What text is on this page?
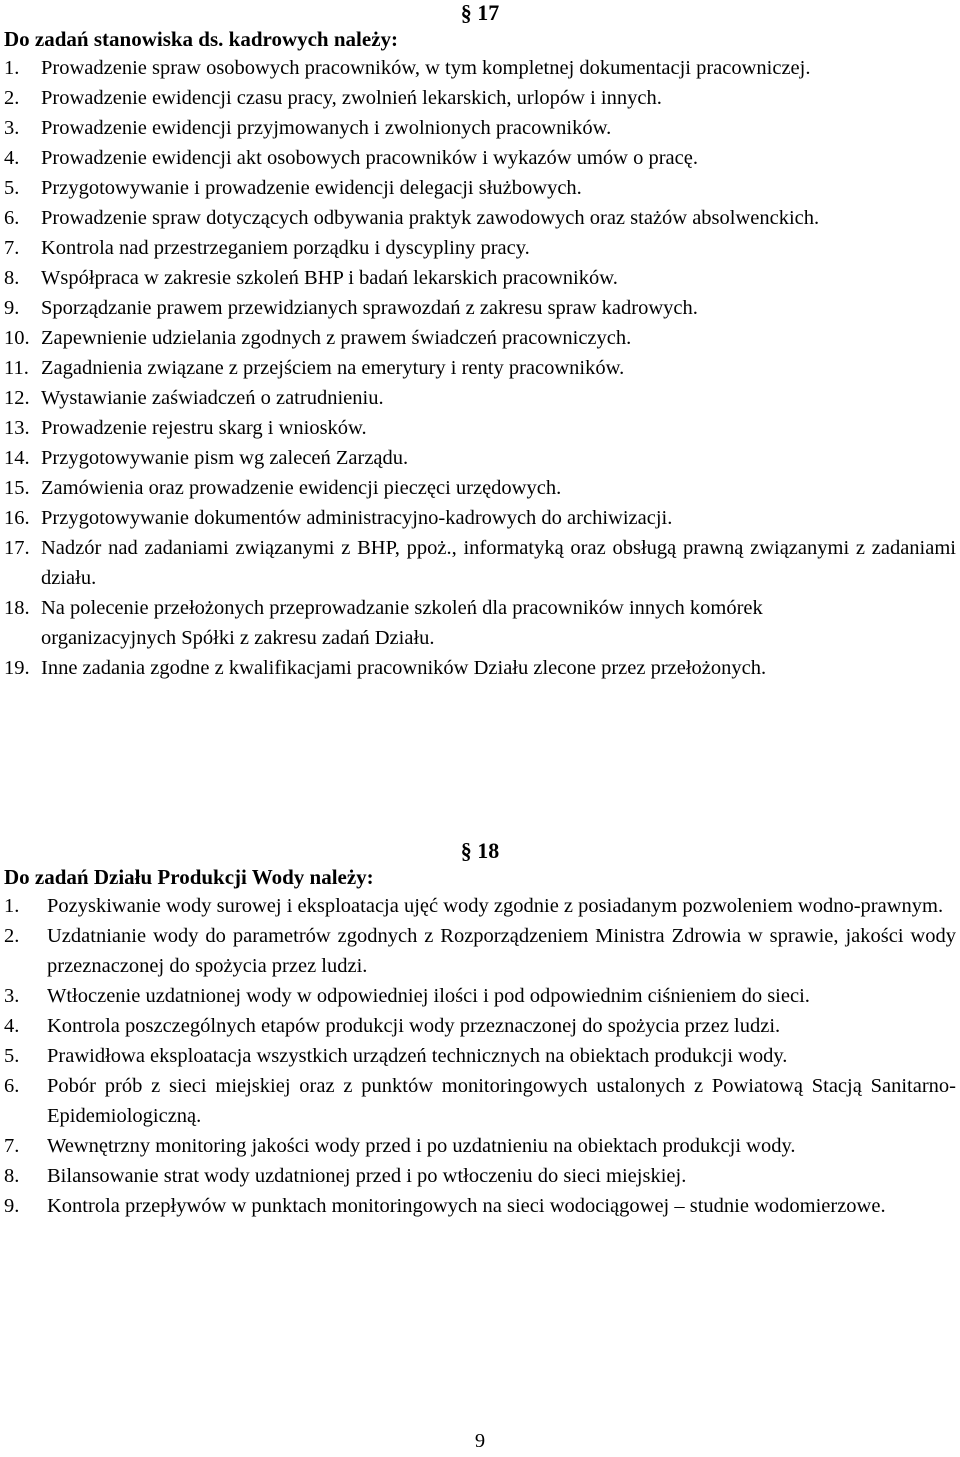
§ 17
Do zadań stanowiska ds. kadrowych należy:
1.	Prowadzenie spraw osobowych pracowników, w tym kompletnej dokumentacji pracowniczej.
2.	Prowadzenie ewidencji czasu pracy, zwolnień lekarskich, urlopów i innych.
3.	Prowadzenie ewidencji przyjmowanych i zwolnionych pracowników.
4.	Prowadzenie ewidencji akt osobowych pracowników i wykazów umów o pracę.
5.	Przygotowywanie i prowadzenie ewidencji delegacji służbowych.
6.	Prowadzenie spraw dotyczących odbywania praktyk zawodowych oraz stażów absolwenckich.
7.	Kontrola nad przestrzeganiem porządku i dyscypliny pracy.
8.	Współpraca w zakresie szkoleń BHP i badań lekarskich pracowników.
9.	Sporządzanie prawem przewidzianych sprawozdań z zakresu spraw kadrowych.
10. Zapewnienie udzielania zgodnych z prawem świadczeń pracowniczych.
11. Zagadnienia związane z przejściem na emerytury i renty pracowników.
12. Wystawianie zaświadczeń o zatrudnieniu.
13. Prowadzenie rejestru skarg i wniosków.
14. Przygotowywanie pism wg zaleceń Zarządu.
15. Zamówienia oraz prowadzenie ewidencji pieczęci urzędowych.
16. Przygotowywanie dokumentów administracyjno-kadrowych do archiwizacji.
17. Nadzór nad zadaniami związanymi z BHP, ppoż., informatyką oraz obsługą prawną związanymi z zadaniami działu.
18. Na polecenie przełożonych przeprowadzanie szkoleń dla pracowników innych komórek
organizacyjnych Spółki z zakresu zadań Działu.
19. Inne zadania zgodne z kwalifikacjami pracowników Działu zlecone przez przełożonych.
§ 18
Do zadań Działu Produkcji Wody należy:
1.	Pozyskiwanie wody surowej i eksploatacja ujęć wody zgodnie z posiadanym pozwoleniem wodno-prawnym.
2.	Uzdatnianie wody do parametrów zgodnych z Rozporządzeniem Ministra Zdrowia w sprawie, jakości wody przeznaczonej do spożycia przez ludzi.
3.	Wtłoczenie uzdatnionej wody w odpowiedniej ilości i pod odpowiednim ciśnieniem do sieci.
4.	Kontrola poszczególnych etapów produkcji wody przeznaczonej do spożycia przez ludzi.
5.	Prawidłowa eksploatacja wszystkich urządzeń technicznych na obiektach produkcji wody.
6.	Pobór prób z sieci miejskiej oraz z punktów monitoringowych ustalonych z Powiatową Stacją Sanitarno-Epidemiologiczną.
7.	Wewnętrzny monitoring jakości wody przed i po uzdatnieniu na obiektach produkcji wody.
8.	Bilansowanie strat wody uzdatnionej przed i po wtłoczeniu do sieci miejskiej.
9.	Kontrola przepływów w punktach monitoringowych na sieci wodociągowej – studnie wodomierzowe.
9
